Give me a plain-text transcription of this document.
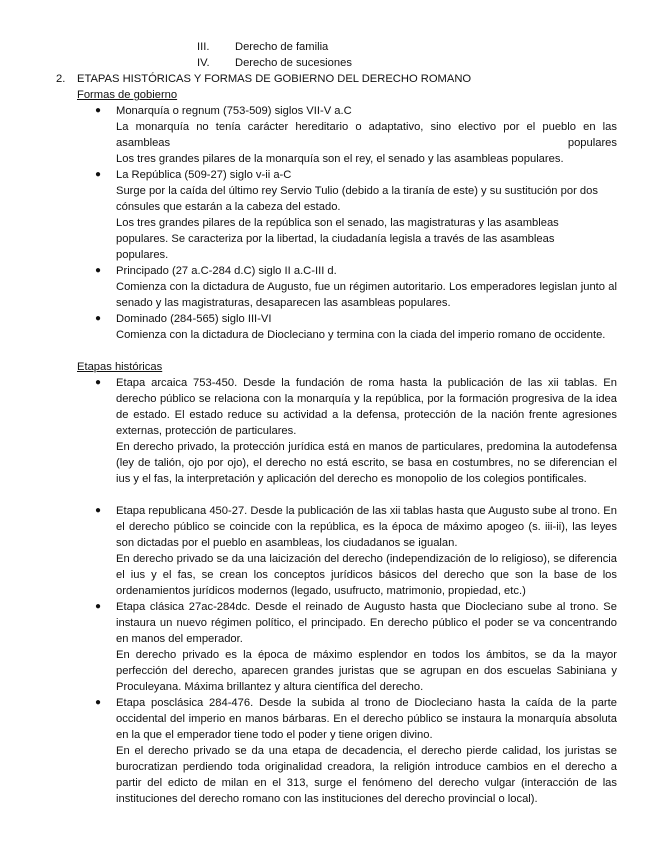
III. Derecho de familia
IV. Derecho de sucesiones
2. ETAPAS HISTÓRICAS Y FORMAS DE GOBIERNO DEL DERECHO ROMANO
Formas de gobierno
●	Monarquía o regnum (753-509) siglos VII-V a.C
La monarquía no tenía carácter hereditario o adaptativo, sino electivo por el pueblo en las
asambleas	populares
Los tres grandes pilares de la monarquía son el rey, el senado y las asambleas populares.
●	La República (509-27) siglo v-ii a-C
Surge por la caída del último rey Servio Tulio (debido a la tiranía de este) y su sustitución por dos cónsules que estarán a la cabeza del estado.
Los tres grandes pilares de la república son el senado, las magistraturas y las asambleas populares. Se caracteriza por la libertad, la ciudadanía legisla a través de las asambleas populares.
●	Principado (27 a.C-284 d.C) siglo II a.C-III d.
Comienza con la dictadura de Augusto, fue un régimen autoritario. Los emperadores legislan junto al senado y las magistraturas, desaparecen las asambleas populares.
●	Dominado (284-565) siglo III-VI
Comienza con la dictadura de Diocleciano y termina con la ciada del imperio romano de occidente.
Etapas históricas
●	Etapa arcaica 753-450. Desde la fundación de roma hasta la publicación de las xii tablas. En derecho público se relaciona con la monarquía y la república, por la formación progresiva de la idea de estado. El estado reduce su actividad a la defensa, protección de la nación frente agresiones externas, protección de particulares.
En derecho privado, la protección jurídica está en manos de particulares, predomina la autodefensa (ley de talión, ojo por ojo), el derecho no está escrito, se basa en costumbres, no se diferencian el ius y el fas, la interpretación y aplicación del derecho es monopolio de los colegios pontificales.
●	Etapa republicana 450-27. Desde la publicación de las xii tablas hasta que Augusto sube al trono. En el derecho público se coincide con la república, es la época de máximo apogeo (s. iii-ii), las leyes son dictadas por el pueblo en asambleas, los ciudadanos se igualan.
En derecho privado se da una laicización del derecho (independización de lo religioso), se diferencia el ius y el fas, se crean los conceptos jurídicos básicos del derecho que son la base de los ordenamientos jurídicos modernos (legado, usufructo, matrimonio, propiedad, etc.)
●	Etapa clásica 27ac-284dc. Desde el reinado de Augusto hasta que Diocleciano sube al trono. Se instaura un nuevo régimen político, el principado. En derecho público el poder se va concentrando en manos del emperador.
En derecho privado es la época de máximo esplendor en todos los ámbitos, se da la mayor perfección del derecho, aparecen grandes juristas que se agrupan en dos escuelas Sabiniana y Proculeyana. Máxima brillantez y altura científica del derecho.
●	Etapa posclásica 284-476. Desde la subida al trono de Diocleciano hasta la caída de la parte occidental del imperio en manos bárbaras. En el derecho público se instaura la monarquía absoluta en la que el emperador tiene todo el poder y tiene origen divino.
En el derecho privado se da una etapa de decadencia, el derecho pierde calidad, los juristas se burocratizan perdiendo toda originalidad creadora, la religión introduce cambios en el derecho a partir del edicto de milan en el 313, surge el fenómeno del derecho vulgar (interacción de las instituciones del derecho romano con las instituciones del derecho provincial o local).
